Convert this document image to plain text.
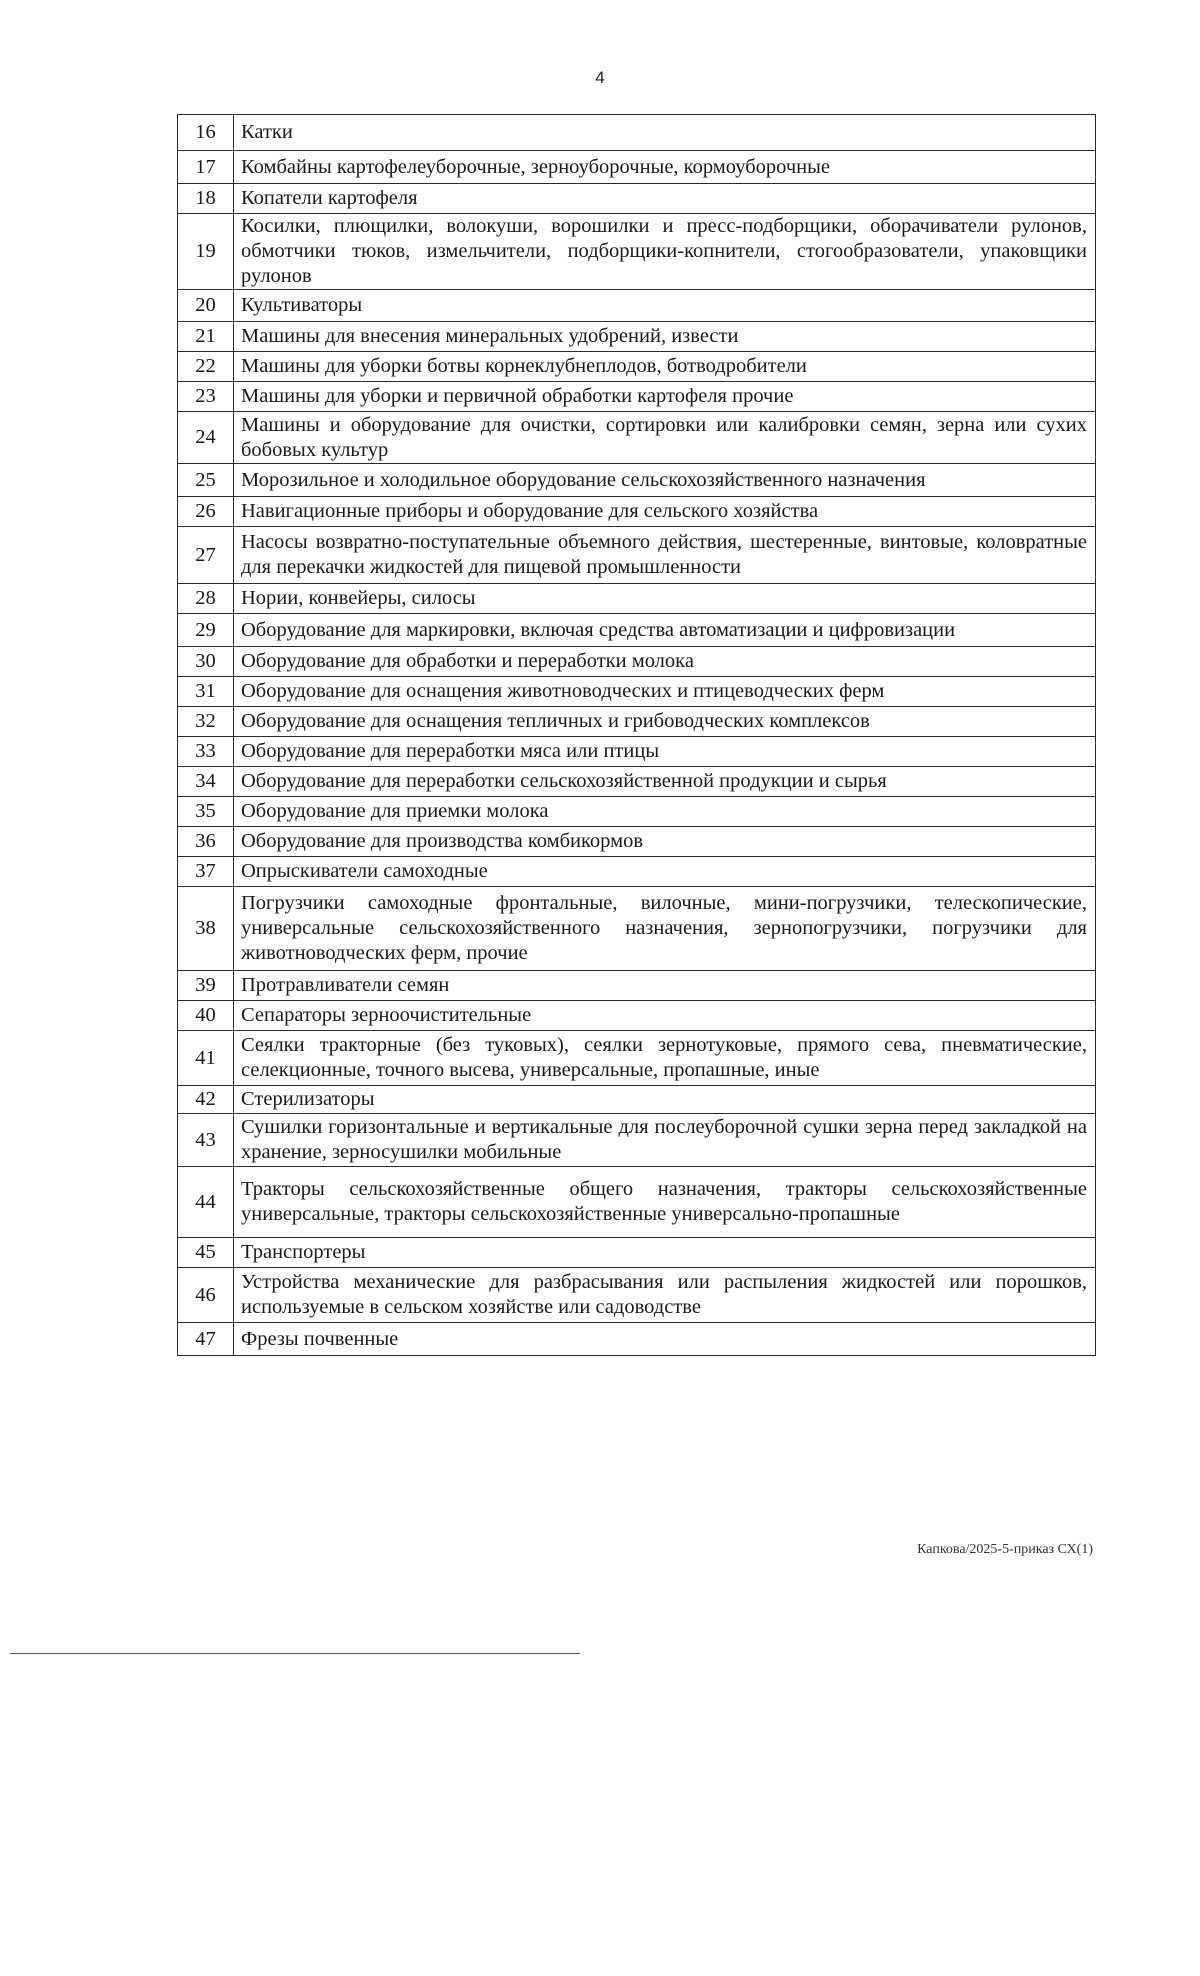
4
16	Катки
17	Комбайны картофелеуборочные, зерноуборочные, кормоуборочные
18	Копатели картофеля
19	Косилки, плющилки, волокуши, ворошилки и пресс-подборщики, оборачиватели рулонов, обмотчики тюков, измельчители, подборщики-копнители, стогообразователи, упаковщики рулонов
20	Культиваторы
21	Машины для внесения минеральных удобрений, извести
22	Машины для уборки ботвы корнеклубнеплодов, ботводробители
23	Машины для уборки и первичной обработки картофеля прочие
24	Машины и оборудование для очистки, сортировки или калибровки семян, зерна или сухих бобовых культур
25	Морозильное и холодильное оборудование сельскохозяйственного назначения
26	Навигационные приборы и оборудование для сельского хозяйства
27	Насосы возвратно-поступательные объемного действия, шестеренные, винтовые, коловратные для перекачки жидкостей для пищевой промышленности
28	Нории, конвейеры, силосы
29	Оборудование для маркировки, включая средства автоматизации и цифровизации
30	Оборудование для обработки и переработки молока
31	Оборудование для оснащения животноводческих и птицеводческих ферм
32	Оборудование для оснащения тепличных и грибоводческих комплексов
33	Оборудование для переработки мяса или птицы
34	Оборудование для переработки сельскохозяйственной продукции и сырья
35	Оборудование для приемки молока
36	Оборудование для производства комбикормов
37	Опрыскиватели самоходные
38	Погрузчики самоходные фронтальные, вилочные, мини-погрузчики, телескопические, универсальные сельскохозяйственного назначения, зернопогрузчики, погрузчики для животноводческих ферм, прочие
39	Протравливатели семян
40	Сепараторы зерноочистительные
41	Сеялки тракторные (без туковых), сеялки зернотуковые, прямого сева, пневматические, селекционные, точного высева, универсальные, пропашные, иные
42	Стерилизаторы
43	Сушилки горизонтальные и вертикальные для послеуборочной сушки зерна перед закладкой на хранение, зерносушилки мобильные
44	Тракторы сельскохозяйственные общего назначения, тракторы сельскохозяйственные универсальные, тракторы сельскохозяйственные универсально-пропашные
45	Транспортеры
46	Устройства механические для разбрасывания или распыления жидкостей или порошков, используемые в сельском хозяйстве или садоводстве
47	Фрезы почвенные
Капкова/2025-5-приказ СХ(1)
